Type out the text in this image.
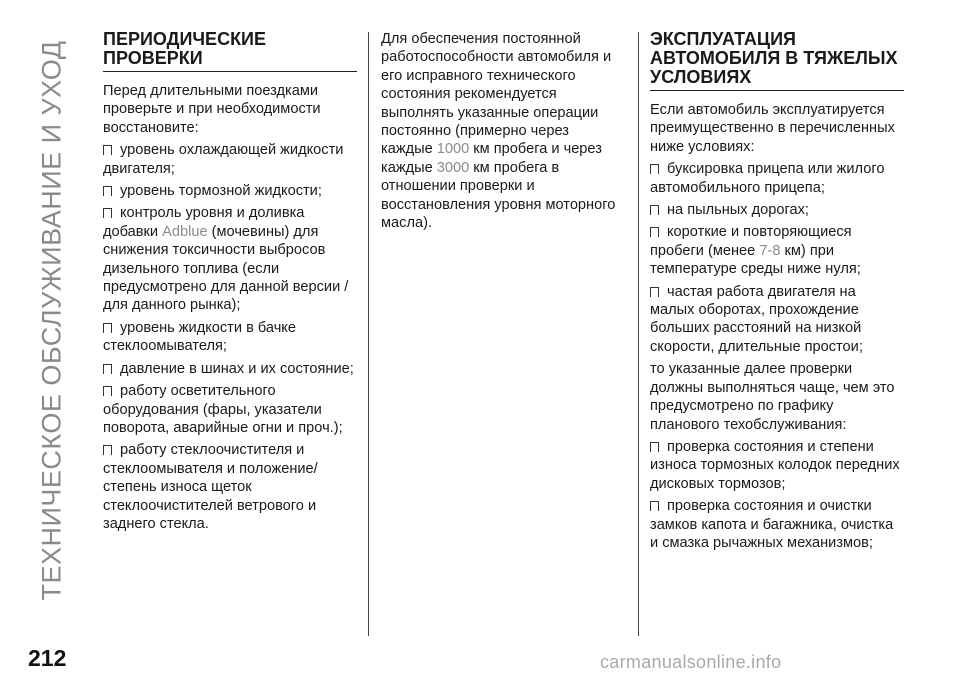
ТЕХНИЧЕСКОЕ ОБСЛУЖИВАНИЕ И УХОД
ПЕРИОДИЧЕСКИЕ ПРОВЕРКИ

Перед длительными поездками проверьте и при необходимости восстановите:

уровень охлаждающей жидкости двигателя;

уровень тормозной жидкости;

контроль уровня и доливка добавки Adblue (мочевины) для снижения токсичности выбросов дизельного топлива (если предусмотрено для данной версии / для данного рынка);

уровень жидкости в бачке стеклоомывателя;

давление в шинах и их состояние;

работу осветительного оборудования (фары, указатели поворота, аварийные огни и проч.);

работу стеклоочистителя и стеклоомывателя и положение/ степень износа щеток стеклоочистителей ветрового и заднего стекла.

Для обеспечения постоянной работоспособности автомобиля и его исправного технического состояния рекомендуется выполнять указанные операции постоянно (примерно через каждые 1000 км пробега и через каждые 3000 км пробега в отношении проверки и восстановления уровня моторного масла).

ЭКСПЛУАТАЦИЯ АВТОМОБИЛЯ В ТЯЖЕЛЫХ УСЛОВИЯХ

Если автомобиль эксплуатируется преимущественно в перечисленных ниже условиях:

буксировка прицепа или жилого автомобильного прицепа;

на пыльных дорогах;

короткие и повторяющиеся пробеги (менее 7-8 км) при температуре среды ниже нуля;

частая работа двигателя на малых оборотах, прохождение больших расстояний на низкой скорости, длительные простои;

то указанные далее проверки должны выполняться чаще, чем это предусмотрено по графику планового техобслуживания:

проверка состояния и степени износа тормозных колодок передних дисковых тормозов;

проверка состояния и очистки замков капота и багажника, очистка и смазка рычажных механизмов;

212	carmanualsonline.info
